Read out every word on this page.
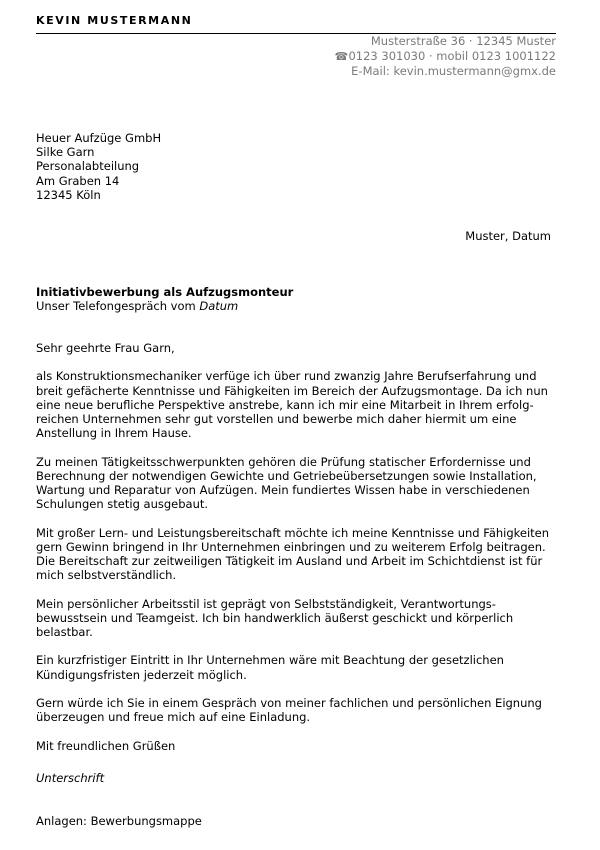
KEVIN MUSTERMANN
Musterstraße 36 · 12345 Muster
☎0123 301030 · mobil 0123 1001122
E-Mail: kevin.mustermann@gmx.de
Heuer Aufzüge GmbH
Silke Garn
Personalabteilung
Am Graben 14
12345 Köln
Muster, Datum
Initiativbewerbung als Aufzugsmonteur
Unser Telefongespräch vom Datum

Sehr geehrte Frau Garn,

als Konstruktionsmechaniker verfüge ich über rund zwanzig Jahre Berufserfahrung und
breit gefächerte Kenntnisse und Fähigkeiten im Bereich der Aufzugsmontage. Da ich nun
eine neue berufliche Perspektive anstrebe, kann ich mir eine Mitarbeit in Ihrem erfolg-
reichen Unternehmen sehr gut vorstellen und bewerbe mich daher hiermit um eine
Anstellung in Ihrem Hause.

Zu meinen Tätigkeitsschwerpunkten gehören die Prüfung statischer Erfordernisse und
Berechnung der notwendigen Gewichte und Getriebeübersetzungen sowie Installation,
Wartung und Reparatur von Aufzügen. Mein fundiertes Wissen habe in verschiedenen
Schulungen stetig ausgebaut.

Mit großer Lern- und Leistungsbereitschaft möchte ich meine Kenntnisse und Fähigkeiten
gern Gewinn bringend in Ihr Unternehmen einbringen und zu weiterem Erfolg beitragen.
Die Bereitschaft zur zeitweiligen Tätigkeit im Ausland und Arbeit im Schichtdienst ist für
mich selbstverständlich.

Mein persönlicher Arbeitsstil ist geprägt von Selbstständigkeit, Verantwortungs-
bewusstsein und Teamgeist. Ich bin handwerklich äußerst geschickt und körperlich
belastbar.

Ein kurzfristiger Eintritt in Ihr Unternehmen wäre mit Beachtung der gesetzlichen
Kündigungsfristen jederzeit möglich.

Gern würde ich Sie in einem Gespräch von meiner fachlichen und persönlichen Eignung
überzeugen und freue mich auf eine Einladung.

Mit freundlichen Grüßen

Unterschrift
Anlagen: Bewerbungsmappe
